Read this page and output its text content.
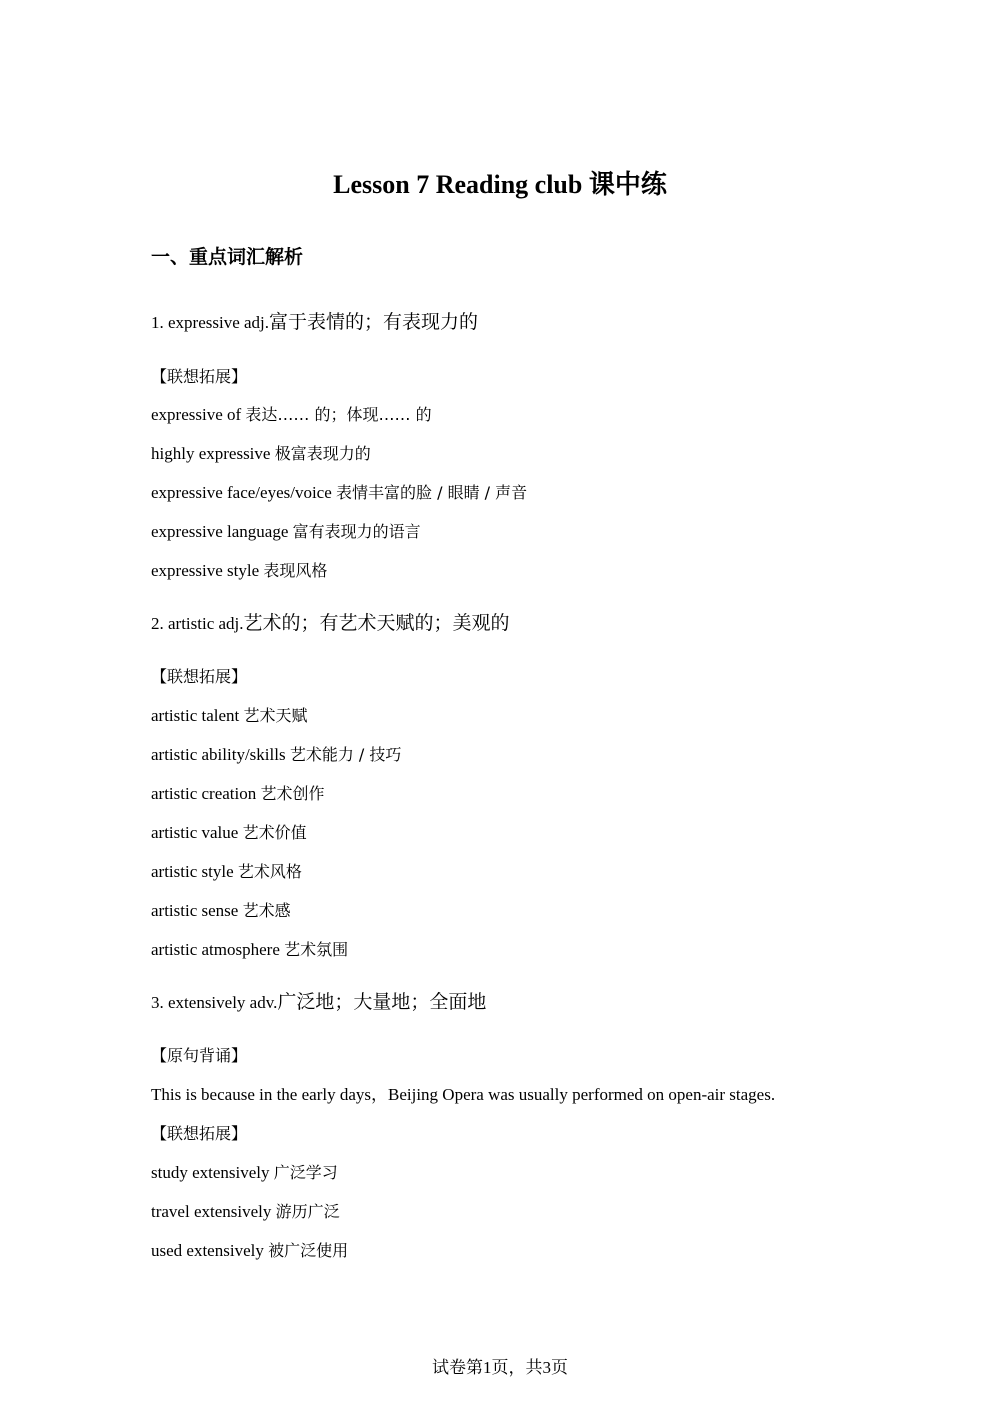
Lesson 7 Reading club 课中练
一、重点词汇解析
1. expressive adj.富于表情的；有表现力的
【联想拓展】
expressive of 表达…… 的；体现…… 的
highly expressive 极富表现力的
expressive face/eyes/voice 表情丰富的脸 / 眼睛 / 声音
expressive language 富有表现力的语言
expressive style 表现风格
2. artistic adj.艺术的；有艺术天赋的；美观的
【联想拓展】
artistic talent 艺术天赋
artistic ability/skills 艺术能力 / 技巧
artistic creation 艺术创作
artistic value 艺术价值
artistic style 艺术风格
artistic sense 艺术感
artistic atmosphere 艺术氛围
3. extensively adv.广泛地；大量地；全面地
【原句背诵】
This is because in the early days，Beijing Opera was usually performed on open-air stages.
【联想拓展】
study extensively 广泛学习
travel extensively 游历广泛
used extensively 被广泛使用
试卷第1页，共3页
